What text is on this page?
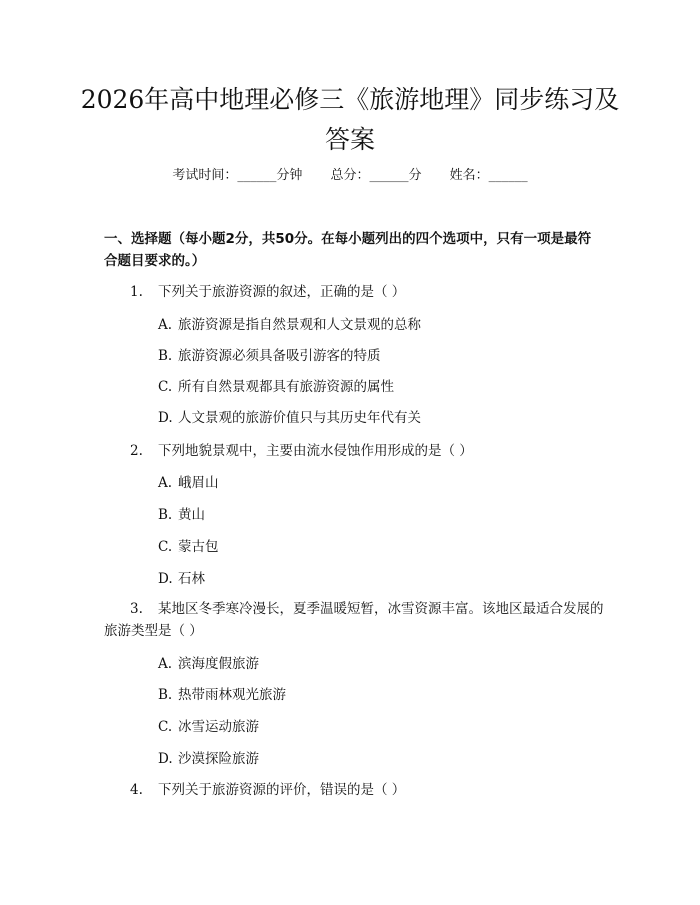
2026年高中地理必修三《旅游地理》同步练习及答案
考试时间：______分钟 总分：______分 姓名：______
一、选择题（每小题2分，共50分。在每小题列出的四个选项中，只有一项是最符合题目要求的。）
1. 下列关于旅游资源的叙述，正确的是（ ）
A. 旅游资源是指自然景观和人文景观的总称
B. 旅游资源必须具备吸引游客的特质
C. 所有自然景观都具有旅游资源的属性
D. 人文景观的旅游价值只与其历史年代有关
2. 下列地貌景观中，主要由流水侵蚀作用形成的是（ ）
A. 峨眉山
B. 黄山
C. 蒙古包
D. 石林
3. 某地区冬季寒冷漫长，夏季温暖短暂，冰雪资源丰富。该地区最适合发展的旅游类型是（ ）
A. 滨海度假旅游
B. 热带雨林观光旅游
C. 冰雪运动旅游
D. 沙漠探险旅游
4. 下列关于旅游资源的评价，错误的是（ ）
